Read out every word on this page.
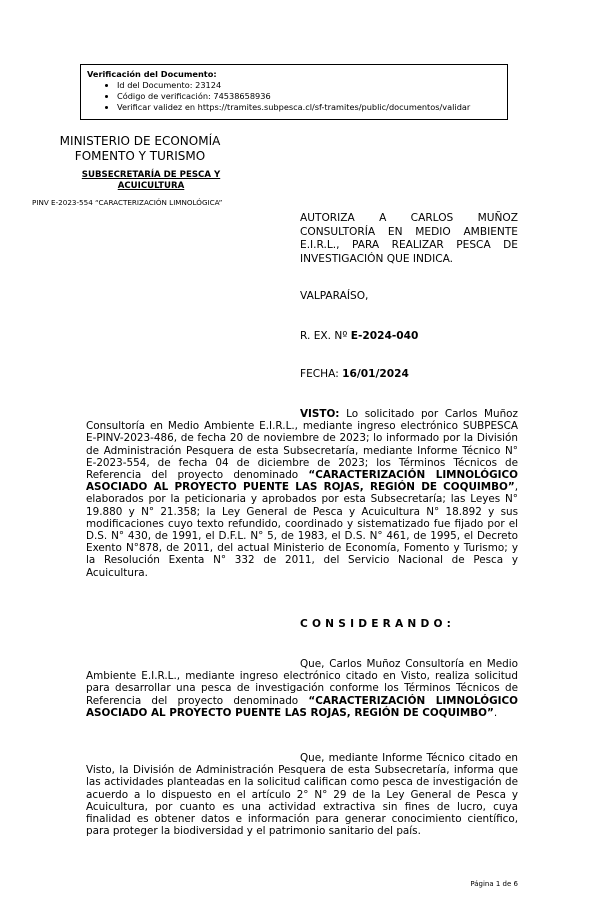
Verificación del Documento:
• Id del Documento: 23124
• Código de verificación: 74538658936
• Verificar validez en https://tramites.subpesca.cl/sf-tramites/public/documentos/validar
MINISTERIO DE ECONOMÍA
FOMENTO Y TURISMO
SUBSECRETARÍA DE PESCA Y ACUICULTURA
PINV E-2023-554 “CARACTERIZACIÓN LIMNOLÓGICA”
AUTORIZA A CARLOS MUÑOZ CONSULTORÍA EN MEDIO AMBIENTE E.I.R.L., PARA REALIZAR PESCA DE INVESTIGACIÓN QUE INDICA.
VALPARAÍSO,
R. EX. Nº E-2024-040
FECHA: 16/01/2024

VISTO: Lo solicitado por Carlos Muñoz Consultoría en Medio Ambiente E.I.R.L., mediante ingreso electrónico SUBPESCA E-PINV-2023-486, de fecha 20 de noviembre de 2023; lo informado por la División de Administración Pesquera de esta Subsecretaría, mediante Informe Técnico N° E-2023-554, de fecha 04 de diciembre de 2023; los Términos Técnicos de Referencia del proyecto denominado “CARACTERIZACIÓN LIMNOLÓGICO ASOCIADO AL PROYECTO PUENTE LAS ROJAS, REGIÓN DE COQUIMBO”, elaborados por la peticionaria y aprobados por esta Subsecretaría; las Leyes N° 19.880 y N° 21.358; la Ley General de Pesca y Acuicultura N° 18.892 y sus modificaciones cuyo texto refundido, coordinado y sistematizado fue fijado por el D.S. N° 430, de 1991, el D.F.L. N° 5, de 1983, el D.S. N° 461, de 1995, el Decreto Exento N°878, de 2011, del actual Ministerio de Economía, Fomento y Turismo; y la Resolución Exenta N° 332 de 2011, del Servicio Nacional de Pesca y Acuicultura.

CONSIDERANDO:

Que, Carlos Muñoz Consultoría en Medio Ambiente E.I.R.L., mediante ingreso electrónico citado en Visto, realiza solicitud para desarrollar una pesca de investigación conforme los Términos Técnicos de Referencia del proyecto denominado “CARACTERIZACIÓN LIMNOLÓGICO ASOCIADO AL PROYECTO PUENTE LAS ROJAS, REGIÓN DE COQUIMBO”.

Que, mediante Informe Técnico citado en Visto, la División de Administración Pesquera de esta Subsecretaría, informa que las actividades planteadas en la solicitud califican como pesca de investigación de acuerdo a lo dispuesto en el artículo 2° N° 29 de la Ley General de Pesca y Acuicultura, por cuanto es una actividad extractiva sin fines de lucro, cuya finalidad es obtener datos e información para generar conocimiento científico, para proteger la biodiversidad y el patrimonio sanitario del país.

Página 1 de 6
